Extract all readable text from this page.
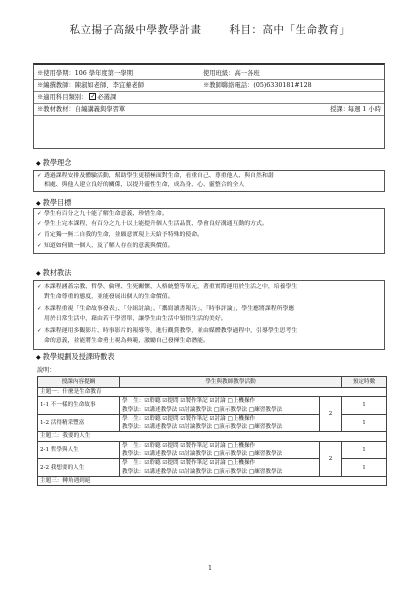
私立揚子高級中學教學計畫	科目：高中「生命教育」
※使用學期：106 學年度第一學期	使用班級：高一各班
※編撰教師：陳淑如老師、李宜蓁老師	※教師聯絡電話：(05)6330181#128
※適用科目類別： ✓ 必選課
※教材教材：自編講義與學習單	授課：
每週 1 小時
◆ 教學理念
✓ 透過課程安排及體驗活動，幫助學生更積極面對生命，看重自己、尊重他人、與自然和諧
相處、與他人建立良好的關係，以提升靈性生命，成為身、心、靈整合的全人
◆ 教學目標
✓ 學生有百分之九十能了解生命意義、珍惜生命。
✓ 學生上完本課程，有百分之九十以上能提升個人生活品質、學會良好溝通互動的方式。
✓ 肯定獨一無二自我的生命，並願意實現上天給予特殊的使命。
✓ 知道如何做一個人，及了解人存在的意義與價值。
◆ 教材教法
✓ 本課程涵蓋宗教、哲學、倫理、生死關懷、人格統整等單元，著重實際運用於生活之中，培養學生
對生命尊重的態度，並能發展出個人的生命價值。
✓ 本課程重視「生命故事發表」、「分組討論」、「攜寫讀書報告」、「時事評論」，學生應將課程所學應
用於日常生活中，藉由若干學習單，讓學生由生活中領悟生活的美好。
✓ 本課程運用多觀影片、時事影片的報導等，進行觀賞教學，並由媒體教學過程中，引導學生思考生
命的意義，並能將生命勇士視為典範，激勵自己發揮生命潛能。
◆ 教學規劃及授課時數表
說明：
授課內容提綱	學生與教師教學活動		預定時數
主題一：什麼是生命教育			
1-1 不一樣的生命故事	學　生：☑聆聽 ☑提問 ☑製作筆記 ☑討論 □上機操作
教學法：☑講述教學法 ☑討論教學法 □演示教學法 □練習教學法	2	1
1-2 活得精采豐富	學　生：☑聆聽 ☑提問 ☑製作筆記 ☑討論 □上機操作
教學法：☑講述教學法 ☑討論教學法 □演示教學法 □練習教學法		1
主題二：我要的人生			
2-1 哲學與人生	學　生：☑聆聽 ☑提問 ☑製作筆記 ☑討論 □上機操作
教學法：☑講述教學法 ☑討論教學法 □演示教學法 □練習教學法	2	1
2-2 我想要的人生	學　生：☑聆聽 ☑提問 ☑製作筆記 ☑討論 □上機操作
教學法：☑講述教學法 ☑討論教學法 □演示教學法 □練習教學法		1
主題三：轉角遇到絕			
1
